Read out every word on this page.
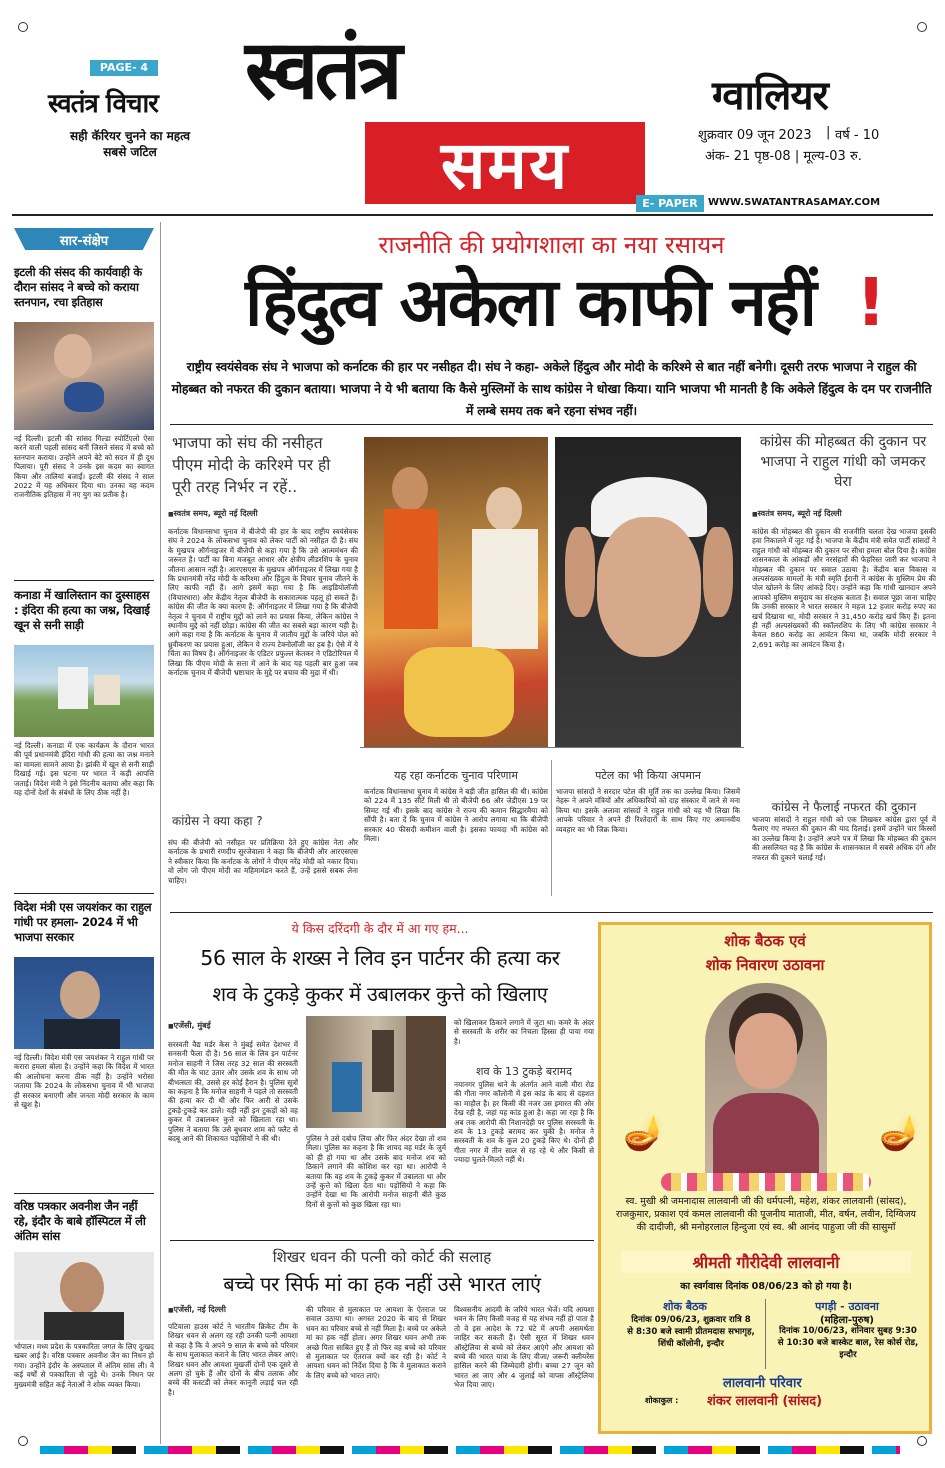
PAGE- 4
स्वतंत्र विचार
सही कॅरियर चुनने का महत्व सबसे जटिल
स्वतंत्र
समय
ग्वालियर
शुक्रवार 09 जून 2023 | वर्ष - 10
अंक- 21 पृष्ठ-08 | मूल्य-03 रु.
E- PAPER	WWW.SWATANTRASAMAY.COM
सार-संक्षेप
इटली की संसद की कार्यवाही के दौरान सांसद ने बच्चे को कराया स्तनपान, रचा इतिहास
नई दिल्ली। इटली की सांसद गिल्डा स्पोर्टिएलो ऐसा करने वाली पहली सांसद बनीं जिसने संसद में बच्चे को स्तनपान कराया। उन्होंने अपने बेटे को सदन में ही दूध पिलाया। पूरी संसद ने उनके इस कदम का स्वागत किया और तालियां बजाईं। इटली की संसद ने साल 2022 में यह अधिकार दिया था। उनका यह कदम राजनीतिक इतिहास में नए युग का प्रतीक है।
कनाडा में खालिस्तान का दुस्साहस : इंदिरा की हत्या का जश्न, दिखाई खून से सनी साड़ी
नई दिल्ली। कनाडा में एक कार्यक्रम के दौरान भारत की पूर्व प्रधानमंत्री इंदिरा गांधी की हत्या का जश्न मनाने का मामला सामने आया है। झांकी में खून से सनी साड़ी दिखाई गई। इस घटना पर भारत ने कड़ी आपत्ति जताई। विदेश मंत्री ने इसे निंदनीय बताया और कहा कि यह दोनों देशों के संबंधों के लिए ठीक नहीं है।
विदेश मंत्री एस जयशंकर का राहुल गांधी पर हमला- 2024 में भी भाजपा सरकार
नई दिल्ली। विदेश मंत्री एस जयशंकर ने राहुल गांधी पर करारा हमला बोला है। उन्होंने कहा कि विदेश में भारत की आलोचना करना ठीक नहीं है। उन्होंने भरोसा जताया कि 2024 के लोकसभा चुनाव में भी भाजपा ही सरकार बनाएगी और जनता मोदी सरकार के काम से खुश है।
वरिष्ठ पत्रकार अवनीश जैन नहीं रहे, इंदौर के बाबे हॉस्पिटल में ली अंतिम सांस
भोपाल। मध्य प्रदेश के पत्रकारिता जगत के लिए दुःखद खबर आई है। वरिष्ठ पत्रकार अवनीश जैन का निधन हो गया। उन्होंने इंदौर के अस्पताल में अंतिम सांस ली। वे कई वर्षों से पत्रकारिता से जुड़े थे। उनके निधन पर मुख्यमंत्री सहित कई नेताओं ने शोक व्यक्त किया।
राजनीति की प्रयोगशाला का नया रसायन
हिंदुत्व अकेला काफी नहीं !
राष्ट्रीय स्वयंसेवक संघ ने भाजपा को कर्नाटक की हार पर नसीहत दी। संघ ने कहा- अकेले हिंदुत्व और मोदी के करिश्मे से बात नहीं बनेगी। दूसरी तरफ भाजपा ने राहुल की मोहब्बत को नफरत की दुकान बताया। भाजपा ने ये भी बताया कि कैसे मुस्लिमों के साथ कांग्रेस ने धोखा किया। यानि भाजपा भी मानती है कि अकेले हिंदुत्व के दम पर राजनीति में लम्बे समय तक बने रहना संभव नहीं।
भाजपा को संघ की नसीहत पीएम मोदी के करिश्मे पर ही पूरी तरह निर्भर न रहें..
■ स्वतंत्र समय, ब्यूरो नई दिल्ली
कर्नाटक विधानसभा चुनाव में बीजेपी की हार के बाद राष्ट्रीय स्वयंसेवक संघ ने 2024 के लोकसभा चुनाव को लेकर पार्टी को नसीहत दी है। संघ के मुखपत्र ऑर्गनाइजर में बीजेपी से कहा गया है कि उसे आत्ममंथन की जरूरत है। पार्टी का बिना मजबूत आधार और क्षेत्रीय लीडरशिप के चुनाव जीतना आसान नहीं है। आरएसएस के मुखपत्र ऑर्गनाइजर में लिखा गया है कि प्रधानमंत्री नरेंद्र मोदी के करिश्मा और हिंदुत्व के विचार चुनाव जीतने के लिए काफी नहीं हैं। आगे इसमें कहा गया है कि आइडियोलॉजी (विचारधारा) और केंद्रीय नेतृत्व बीजेपी के सकारात्मक पहलू हो सकते हैं। कांग्रेस की जीत के क्या कारण हैं: ऑर्गनाइजर में लिखा गया है कि बीजेपी नेतृत्व ने चुनाव में राष्ट्रीय मुद्दों को लाने का प्रयास किया, लेकिन कांग्रेस ने स्थानीय मुद्दे को नहीं छोड़ा। कांग्रेस की जीत का सबसे बड़ा कारण यही है। आगे कहा गया है कि कर्नाटक के चुनाव में जातीय मुद्दों के जरिये पोल को ध्रुवीकरण का प्रयास हुआ, लेकिन ये राज्य टेक्नोलॉजी का हब है। ऐसे में ये चिंता का विषय है। ऑर्गनाइजर के एडिटर प्रफुल्ल केतकर ने एडिटोरियल में लिखा कि पीएम मोदी के सत्ता में आने के बाद यह पहली बार हुआ जब कर्नाटक चुनाव में बीजेपी भ्रष्टाचार के मुद्दे पर बचाव की मुद्रा में थी।
कांग्रेस ने क्या कहा ?
संघ की बीजेपी को नसीहत पर प्रतिक्रिया देते हुए कांग्रेस नेता और कर्नाटक के प्रभारी रणदीप सुरजेवाला ने कहा कि बीजेपी और आरएसएस ने स्वीकार किया कि कर्नाटक के लोगों ने पीएम नरेंद्र मोदी को नकार दिया। वो लोग जो पीएम मोदी का महिमामंडन करते हैं, उन्हें इससे सबक लेना चाहिए।
यह रहा कर्नाटक चुनाव परिणाम
कर्नाटक विधानसभा चुनाव में कांग्रेस ने बड़ी जीत हासिल की थी। कांग्रेस को 224 में 135 सीटें मिली थी तो बीजेपी 66 और जेडीएस 19 पर सिमट गई थी। इसके बाद कांग्रेस ने राज्य की कमान सिद्धारमैया को सौंपी है। बता दें कि चुनाव में कांग्रेस ने आरोप लगाया था कि बीजेपी सरकार 40 फीसदी कमीशन वाली है। इसका फायदा भी कांग्रेस को मिला।
पटेल का भी किया अपमान
भाजपा सांसदों ने सरदार पटेल की मूर्ति तक का उल्लेख किया। जिसमें नेहरू ने अपने मंत्रियों और अधिकारियों को दाह संस्कार में जाने से मना किया था। इसके अलावा सांसदों ने राहुल गांधी को यह भी लिखा कि आपके परिवार ने अपने ही रिश्तेदारों के साथ किए गए अमानवीय व्यवहार का भी जिक्र किया।
कांग्रेस की मोहब्बत की दुकान पर भाजपा ने राहुल गांधी को जमकर घेरा
■ स्वतंत्र समय, ब्यूरो नई दिल्ली
कांग्रेस की मोहब्बत की दुकान की राजनीति चलता देख भाजपा इसकी हवा निकालने में जुट गई है। भाजपा के केंद्रीय मंत्री समेत पार्टी सांसदों ने राहुल गांधी को मोहब्बत की दुकान पर सीधा हमला बोल दिया है। कांग्रेस शासनकाल के आंकड़ों और नरसंहारों की फेहरिस्त जारी कर भाजपा ने मोहब्बत की दुकान पर सवाल उठाया है। केंद्रीय बाल विकास व अल्पसंख्यक मामलों के मंत्री स्मृति ईरानी ने कांग्रेस के मुस्लिम प्रेम की पोल खोलने के लिए आंकड़े दिए। उन्होंने कहा कि गांधी खानदान अपने आपको मुस्लिम समुदाय का संरक्षक बताता है। सवाल पूछा जाना चाहिए कि उनकी सरकार ने भारत सरकार ने महज 12 हजार करोड़ रुपए का खर्च दिखाया था, मोदी सरकार ने 31,450 करोड़ खर्च किए हैं। इतना ही नहीं अल्पसंख्यकों की स्कॉलरशिप के लिए भी कांग्रेस सरकार ने केवल 860 करोड़ का आवंटन किया था, जबकि मोदी सरकार ने 2,691 करोड़ का आवंटन किया है।
कांग्रेस ने फैलाई नफरत की दुकान
भाजपा सांसदों ने राहुल गांधी को एक लिखकर कांग्रेस द्वारा पूर्व में फैलाए गए नफरत की दुकान की याद दिलाई। इसमें उन्होंने चार किस्सों का उल्लेख किया है। उन्होंने अपने पत्र में लिखा कि मोहब्बत की दुकान की असलियत यह है कि कांग्रेस के शासनकाल में सबसे अधिक दंगे और नफरत की दुकाने चलाई गईं।
ये किस दरिंदगी के दौर में आ गए हम...
56 साल के शख्स ने लिव इन पार्टनर की हत्या कर
शव के टुकड़े कुकर में उबालकर कुत्ते को खिलाए
■ एजेंसी, मुंबई
सरस्वती वैद्य मर्डर केस ने मुंबई समेत देशभर में सनसनी फैला दी है। 56 साल के लिव इन पार्टनर मनोज साहनी ने जिस तरह 32 साल की सरस्वती की मौत के घाट उतार और उसके शव के साथ जो बीभत्सता की, उससे हर कोई हैरान है। पुलिस सूत्रों का कहना है कि मनोज साहनी ने पहले तो सरस्वती की हत्या कर दी थी और फिर आरी से उसके टुकड़े-टुकड़े कर डाले। यही नहीं इन टुकड़ों को वह कुकर में उबालकर कुत्ते को खिलाता रहा था। पुलिस ने बताया कि उसे बुधवार शाम को फ्लैट से बदबू आने की शिकायत पड़ोसियों ने की थी।	पुलिस ने उसे दबोच लिया और फिर अंदर देखा तो शव मिला। पुलिस का कहना है कि शायद वह मर्डर के जुर्म को ही हो गया था और उसके बाद मनोज शव को ठिकाने लगाने की कोशिश कर रहा था। आरोपी ने बताया कि वह शव के टुकड़े कुकर में उबालता था और उन्हें कुत्ते को खिला देता था। पड़ोसियों ने कहा कि उन्होंने देखा था कि आरोपी मनोज साहनी बीते कुछ दिनों से कुत्तों को कुछ खिला रहा था।
को खिलाकर ठिकाने लगाने में जुटा था। कमरे के अंदर से सरस्वती के शरीर का निचला हिस्सा ही पाया गया है।
शव के 13 टुकड़े बरामद
नयानगर पुलिस थाने के अंतर्गत आने वाली मीरा रोड की गीता नगर कॉलोनी में इस कांड के बाद से दहशत का माहौल है। हर किसी की नजर उस इमारत की ओर देख रही है, जहां यह कांड हुआ है। कहा जा रहा है कि अब तक आरोपी की निशानदेही पर पुलिस सरस्वती के शव के 13 टुकड़े बरामद कर चुकी है। मनोज ने सरस्वती के शव के कुल 20 टुकड़े किए थे। दोनों ही गीता नगर में तीन साल से रह रहे थे और किसी से ज्यादा घुलते-मिलते नहीं थे।
शिखर धवन की पत्नी को कोर्ट की सलाह
बच्चे पर सिर्फ मां का हक नहीं उसे भारत लाएं
■ एजेंसी, नई दिल्ली
पटियाला हाउस कोर्ट ने भारतीय क्रिकेट टीम के शिखर धवन से अलग रह रही उनकी पत्नी आयशा से कहा है कि वे अपने 9 साल के बच्चे को परिवार के साथ मुलाकात कराने के लिए भारत लेकर आएं। शिखर धवन और आयशा मुखर्जी दोनों एक दूसरे से अलग हो चुके हैं और दोनों के बीच तलाक और बच्चे की कस्टडी को लेकर कानूनी लड़ाई चल रही है।
की परिवार से मुलाकात पर आयशा के ऐतराज पर सवाल उठाया था। अगस्त 2020 के बाद से शिखर धवन का परिवार बच्चे से नहीं मिला है। बच्चे पर अकेले मां का हक नहीं होता। अगर शिखर धवन अभी तक अच्छे पिता साबित हुए हैं तो फिर वह बच्चे को परिवार से मुलाकात पर ऐतराज क्यों कर रही है। कोर्ट ने आयशा धवन को निर्देश दिया है कि वे मुलाकात कराने के लिए बच्चे को भारत लाएं।
विश्वसनीय आदमी के जरिये भारत भेजें। यदि आयशा धवन के लिए किसी वजह से यह संभव नहीं हो पाता है तो वे इस आदेश के 72 घंटे में अपनी असमर्थता जाहिर कर सकती हैं। ऐसी सूरत में शिखर धवन ऑस्ट्रेलिया से बच्चे को लेकर आएंगे और आयशा को बच्चे की भारत यात्रा के लिए वीजा/ जरूरी क्लीयरेंस हासिल करने की जिम्मेदारी होगी। बच्चा 27 जून को भारत आ जाए और 4 जुलाई को वापस ऑस्ट्रेलिया भेज दिया जाए।
शोक बैठक एवं
शोक निवारण उठावना
🪔	🪔
स्व. मुखी श्री जमनादास लालवानी जी की धर्मपत्नी, महेश, शंकर लालवानी (सांसद), राजकुमार, प्रकाश एवं कमल लालवानी की पूजनीय माताजी, मीत, वर्षन, लवीन, दिग्विजय की दादीजी, श्री मनोहरलाल हिन्दुजा एवं स्व. श्री आनंद पाहुजा जी की सासुमाँ
श्रीमती गौरीदेवी लालवानी
का स्वर्गवास दिनांक 08/06/23 को हो गया है।
शोक बैठक
दिनांक 09/06/23, शुक्रवार रात्रि 8 से 8:30 बजे स्वामी प्रीतमदास सभागृह, शिंधी कॉलोनी, इन्दौर
पगड़ी - उठावना
(महिला-पुरुष)
दिनांक 10/06/23, शनिवार सुबह 9:30 से 10:30 बजे बास्केट बाल, रेस कोर्स रोड, इन्दौर
लालवानी परिवार
शोकाकुल : शंकर लालवानी (सांसद)
